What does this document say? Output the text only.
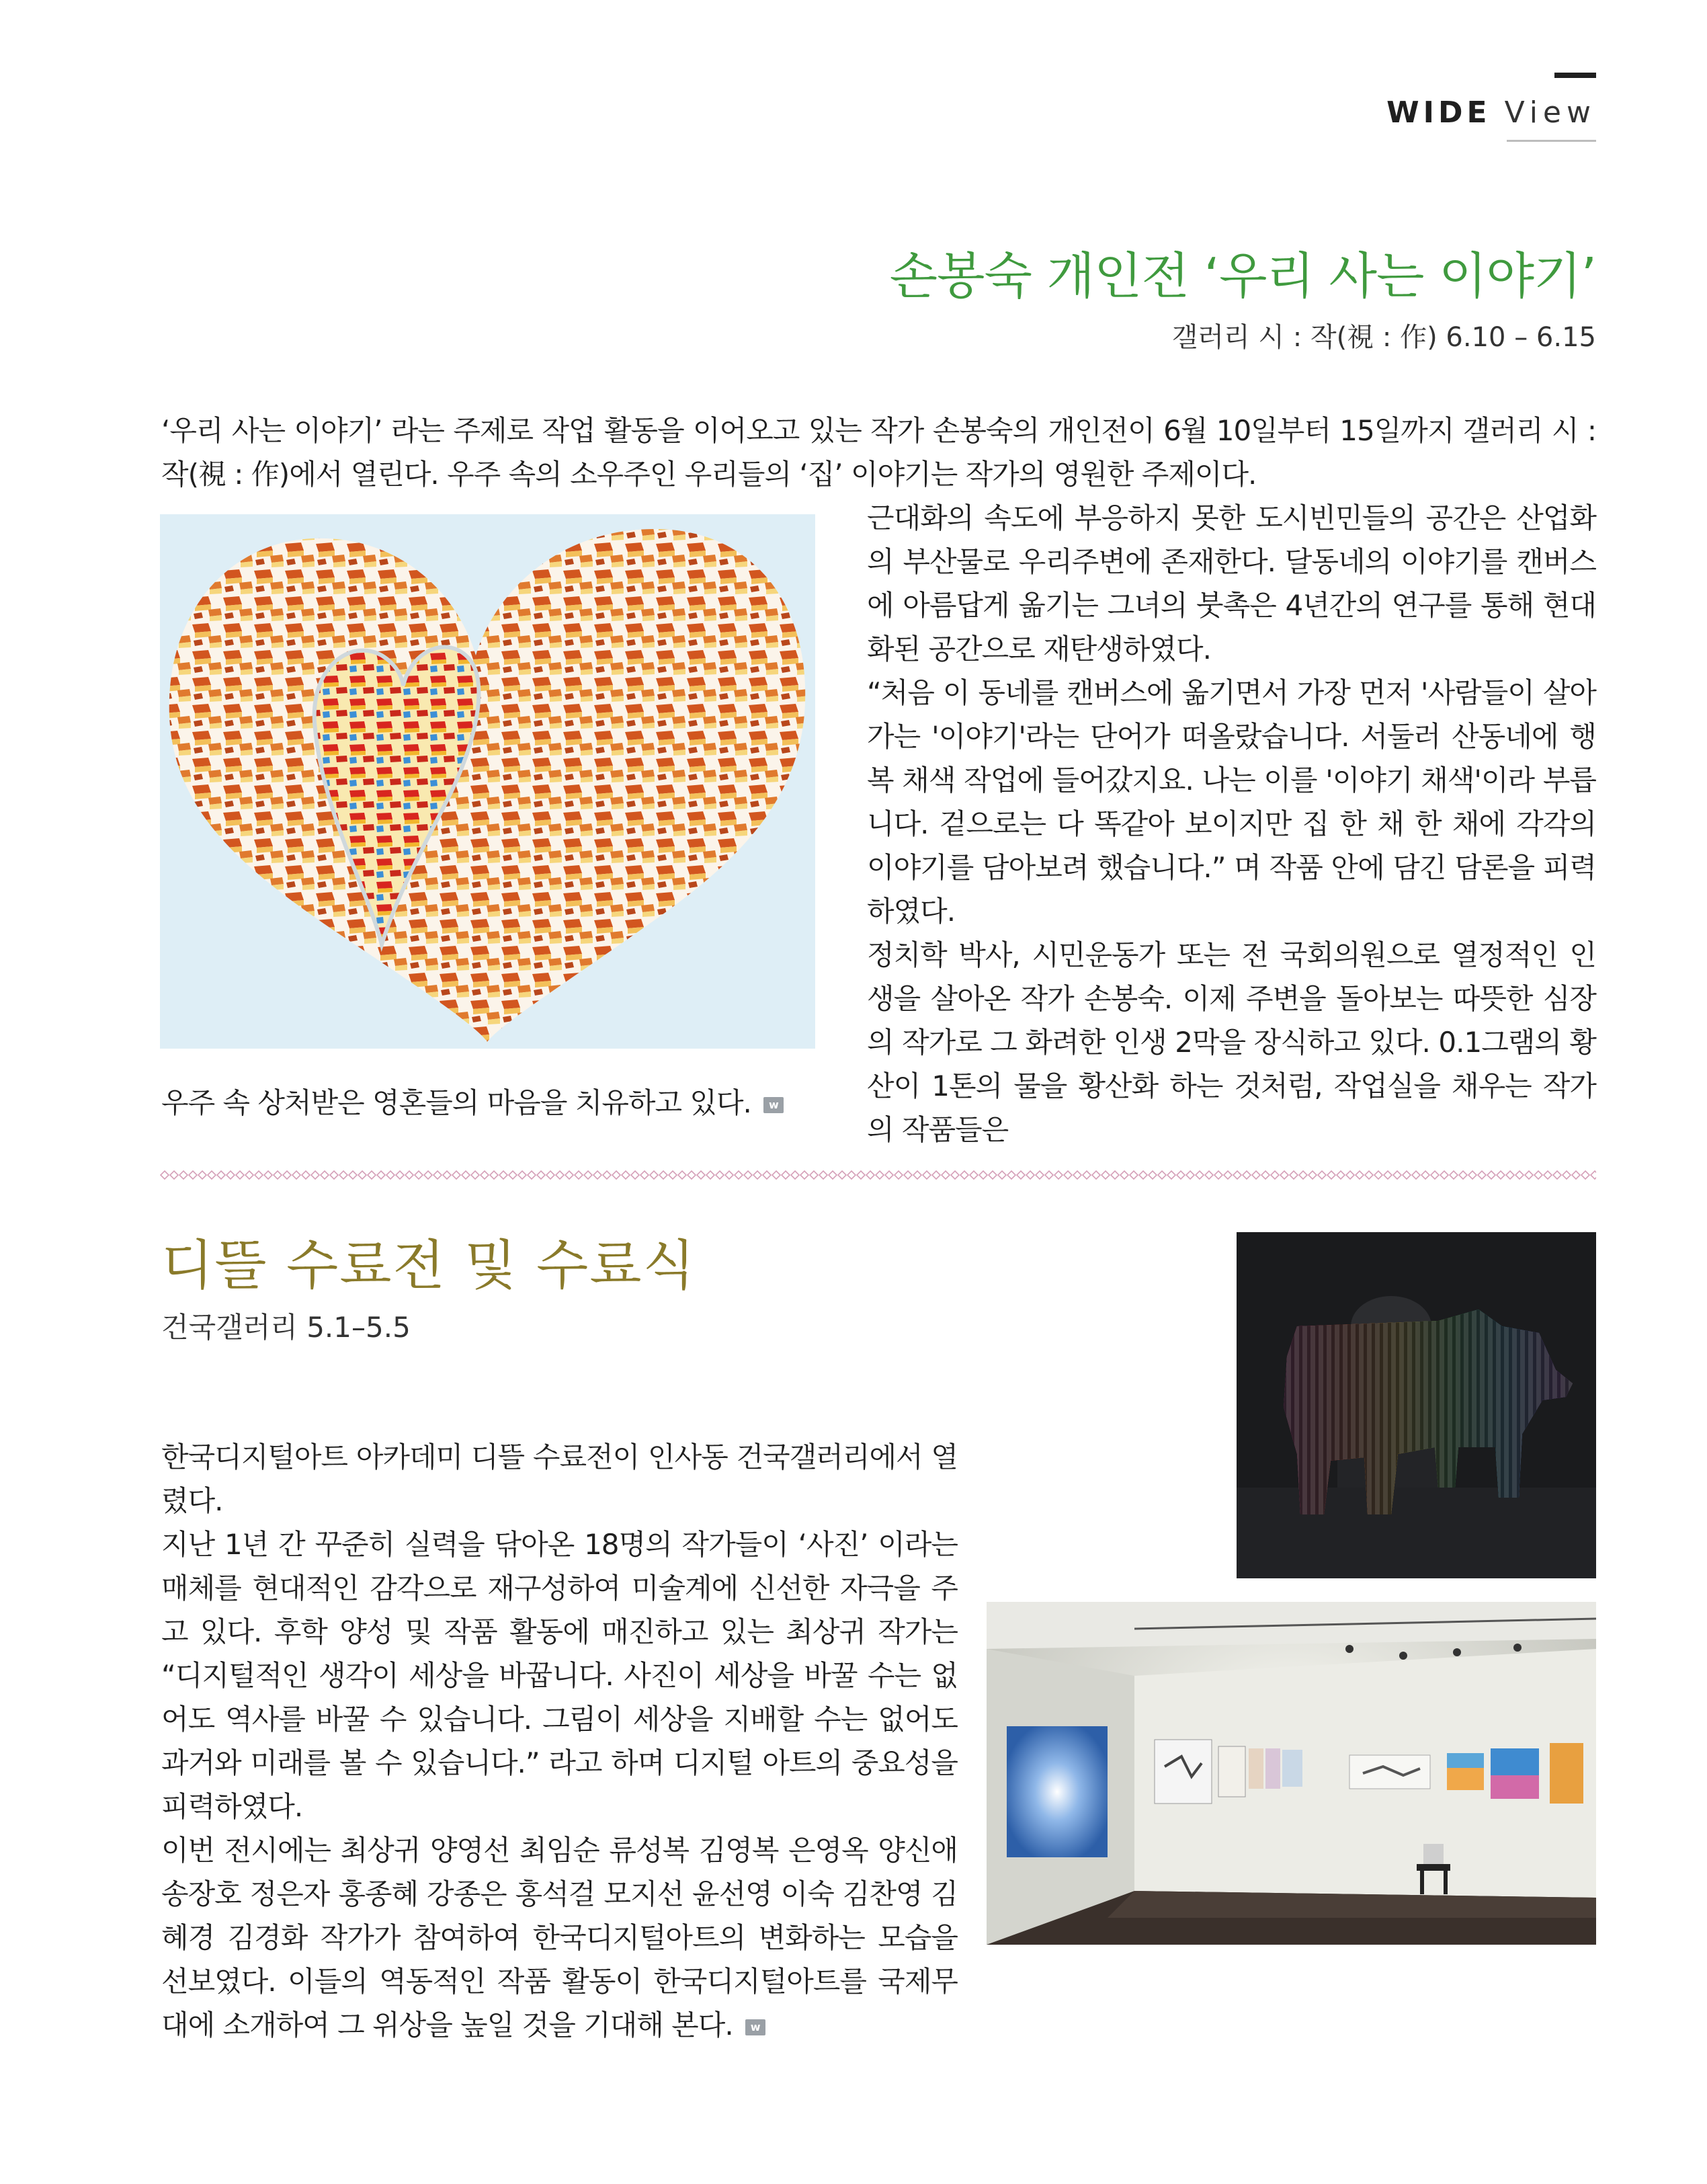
WIDE View
손봉숙 개인전 ‘우리 사는 이야기’
갤러리 시 : 작(視 : 作) 6.10 – 6.15
‘우리 사는 이야기’ 라는 주제로 작업 활동을 이어오고 있는 작가 손봉숙의 개인전이 6월 10일부터 15일까지 갤러리 시 : 작(視 : 作)에서 열린다. 우주 속의 소우주인 우리들의 ‘집’ 이야기는 작가의 영원한 주제이다.
근대화의 속도에 부응하지 못한 도시빈민들의 공간은 산업화의 부산물로 우리주변에 존재한다. 달동네의 이야기를 캔버스에 아름답게 옮기는 그녀의 붓촉은 4년간의 연구를 통해 현대화된 공간으로 재탄생하였다.
“처음 이 동네를 캔버스에 옮기면서 가장 먼저 '사람들이 살아가는 '이야기'라는 단어가 떠올랐습니다. 서둘러 산동네에 행복 채색 작업에 들어갔지요. 나는 이를 '이야기 채색'이라 부릅니다. 겉으로는 다 똑같아 보이지만 집 한 채 한 채에 각각의 이야기를 담아보려 했습니다.” 며 작품 안에 담긴 담론을 피력하였다.
정치학 박사, 시민운동가 또는 전 국회의원으로 열정적인 인생을 살아온 작가 손봉숙. 이제 주변을 돌아보는 따뜻한 심장의 작가로 그 화려한 인생 2막을 장식하고 있다. 0.1그램의 황산이 1톤의 물을 황산화 하는 것처럼, 작업실을 채우는 작가의 작품들은
우주 속 상처받은 영혼들의 마음을 치유하고 있다. w
디뜰 수료전 및 수료식
건국갤러리 5.1–5.5
한국디지털아트 아카데미 디뜰 수료전이 인사동 건국갤러리에서 열렸다.
지난 1년 간 꾸준히 실력을 닦아온 18명의 작가들이 ‘사진’ 이라는 매체를 현대적인 감각으로 재구성하여 미술계에 신선한 자극을 주고 있다. 후학 양성 및 작품 활동에 매진하고 있는 최상귀 작가는 “디지털적인 생각이 세상을 바꿉니다. 사진이 세상을 바꿀 수는 없어도 역사를 바꿀 수 있습니다. 그림이 세상을 지배할 수는 없어도 과거와 미래를 볼 수 있습니다.” 라고 하며 디지털 아트의 중요성을 피력하였다.
이번 전시에는 최상귀 양영선 최임순 류성복 김영복 은영옥 양신애 송장호 정은자 홍종혜 강종은 홍석걸 모지선 윤선영 이숙 김찬영 김혜경 김경화 작가가 참여하여 한국디지털아트의 변화하는 모습을 선보였다. 이들의 역동적인 작품 활동이 한국디지털아트를 국제무대에 소개하여 그 위상을 높일 것을 기대해 본다. w
